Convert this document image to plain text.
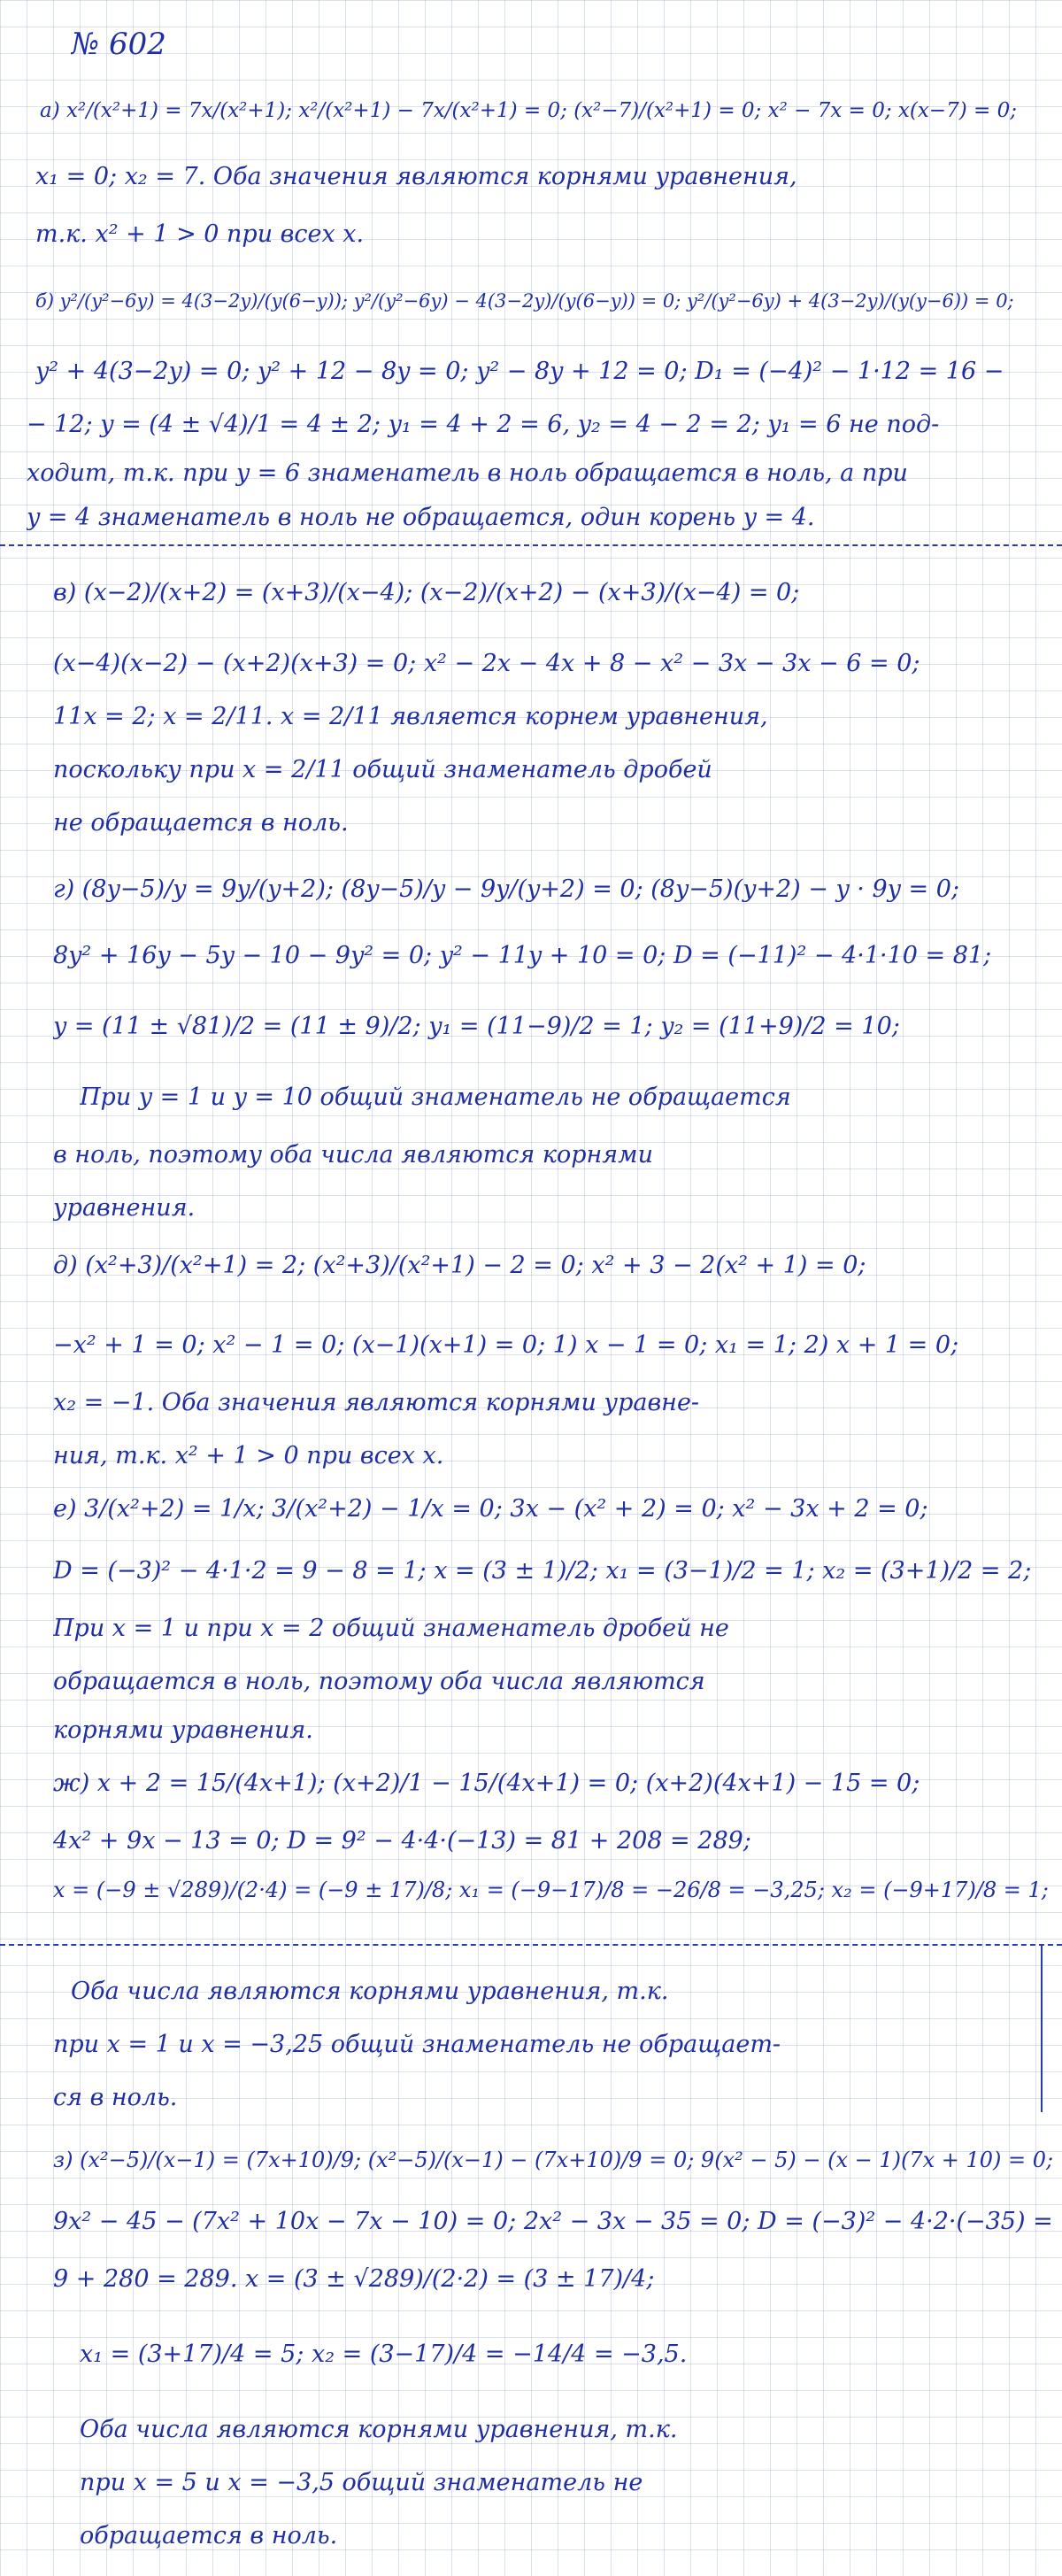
№ 602
а) x²/(x²+1) = 7x/(x²+1); x²/(x²+1) − 7x/(x²+1) = 0; (x²−7)/(x²+1) = 0; x² − 7x = 0; x(x−7) = 0;
x₁ = 0; x₂ = 7. Оба значения являются корнями уравнения,
т.к. x² + 1 > 0 при всех x.
б) y²/(y²−6y) = 4(3−2y)/(y(6−y)); y²/(y²−6y) − 4(3−2y)/(y(6−y)) = 0; y²/(y²−6y) + 4(3−2y)/(y(y−6)) = 0;
y² + 4(3−2y) = 0; y² + 12 − 8y = 0; y² − 8y + 12 = 0; D₁ = (−4)² − 1·12 = 16 −
− 12; y = (4 ± √4)/1 = 4 ± 2; y₁ = 4 + 2 = 6, y₂ = 4 − 2 = 2; y₁ = 6 не под-
ходит, т.к. при y = 6 знаменатель в ноль обращается в ноль, а при
y = 4 знаменатель в ноль не обращается, один корень y = 4.
в) (x−2)/(x+2) = (x+3)/(x−4); (x−2)/(x+2) − (x+3)/(x−4) = 0;
(x−4)(x−2) − (x+2)(x+3) = 0; x² − 2x − 4x + 8 − x² − 3x − 3x − 6 = 0;
11x = 2; x = 2/11. x = 2/11 является корнем уравнения,
поскольку при x = 2/11 общий знаменатель дробей
не обращается в ноль.
г) (8y−5)/y = 9y/(y+2); (8y−5)/y − 9y/(y+2) = 0; (8y−5)(y+2) − y · 9y = 0;
8y² + 16y − 5y − 10 − 9y² = 0; y² − 11y + 10 = 0; D = (−11)² − 4·1·10 = 81;
y = (11 ± √81)/2 = (11 ± 9)/2; y₁ = (11−9)/2 = 1; y₂ = (11+9)/2 = 10;
При y = 1 и y = 10 общий знаменатель не обращается
в ноль, поэтому оба числа являются корнями
уравнения.
д) (x²+3)/(x²+1) = 2; (x²+3)/(x²+1) − 2 = 0; x² + 3 − 2(x² + 1) = 0;
−x² + 1 = 0; x² − 1 = 0; (x−1)(x+1) = 0; 1) x − 1 = 0; x₁ = 1; 2) x + 1 = 0;
x₂ = −1. Оба значения являются корнями уравне-
ния, т.к. x² + 1 > 0 при всех x.
е) 3/(x²+2) = 1/x; 3/(x²+2) − 1/x = 0; 3x − (x² + 2) = 0; x² − 3x + 2 = 0;
D = (−3)² − 4·1·2 = 9 − 8 = 1; x = (3 ± 1)/2; x₁ = (3−1)/2 = 1; x₂ = (3+1)/2 = 2;
При x = 1 и при x = 2 общий знаменатель дробей не
обращается в ноль, поэтому оба числа являются
корнями уравнения.
ж) x + 2 = 15/(4x+1); (x+2)/1 − 15/(4x+1) = 0; (x+2)(4x+1) − 15 = 0;
4x² + 9x − 13 = 0; D = 9² − 4·4·(−13) = 81 + 208 = 289;
x = (−9 ± √289)/(2·4) = (−9 ± 17)/8; x₁ = (−9−17)/8 = −26/8 = −3,25; x₂ = (−9+17)/8 = 1;
Оба числа являются корнями уравнения, т.к.
при x = 1 и x = −3,25 общий знаменатель не обращает-
ся в ноль.
з) (x²−5)/(x−1) = (7x+10)/9; (x²−5)/(x−1) − (7x+10)/9 = 0; 9(x² − 5) − (x − 1)(7x + 10) = 0;
9x² − 45 − (7x² + 10x − 7x − 10) = 0; 2x² − 3x − 35 = 0; D = (−3)² − 4·2·(−35) =
9 + 280 = 289. x = (3 ± √289)/(2·2) = (3 ± 17)/4;
x₁ = (3+17)/4 = 5; x₂ = (3−17)/4 = −14/4 = −3,5.
Оба числа являются корнями уравнения, т.к.
при x = 5 и x = −3,5 общий знаменатель не
обращается в ноль.
